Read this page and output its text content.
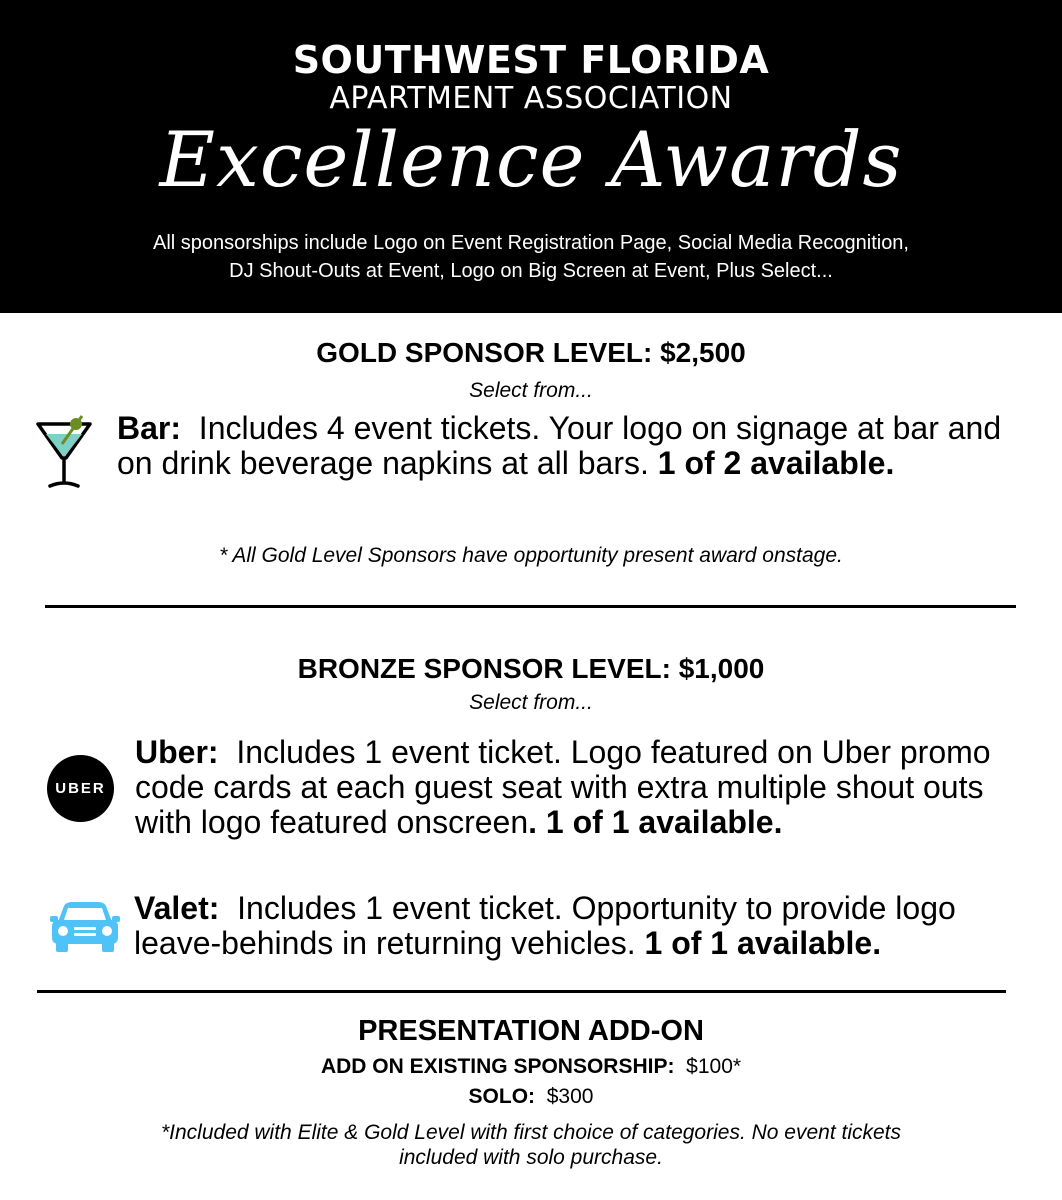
SOUTHWEST FLORIDA
APARTMENT ASSOCIATION
Excellence Awards
All sponsorships include Logo on Event Registration Page, Social Media Recognition,
DJ Shout-Outs at Event, Logo on Big Screen at Event, Plus Select...
GOLD SPONSOR LEVEL: $2,500
Select from...
Bar: Includes 4 event tickets. Your logo on signage at bar and on drink beverage napkins at all bars. 1 of 2 available.
* All Gold Level Sponsors have opportunity present award onstage.
BRONZE SPONSOR LEVEL: $1,000
Select from...
UBER
Uber: Includes 1 event ticket. Logo featured on Uber promo code cards at each guest seat with extra multiple shout outs with logo featured onscreen. 1 of 1 available.
Valet: Includes 1 event ticket. Opportunity to provide logo leave-behinds in returning vehicles. 1 of 1 available.
PRESENTATION ADD-ON
ADD ON EXISTING SPONSORSHIP: $100*
SOLO: $300
*Included with Elite & Gold Level with first choice of categories. No event tickets
included with solo purchase.
